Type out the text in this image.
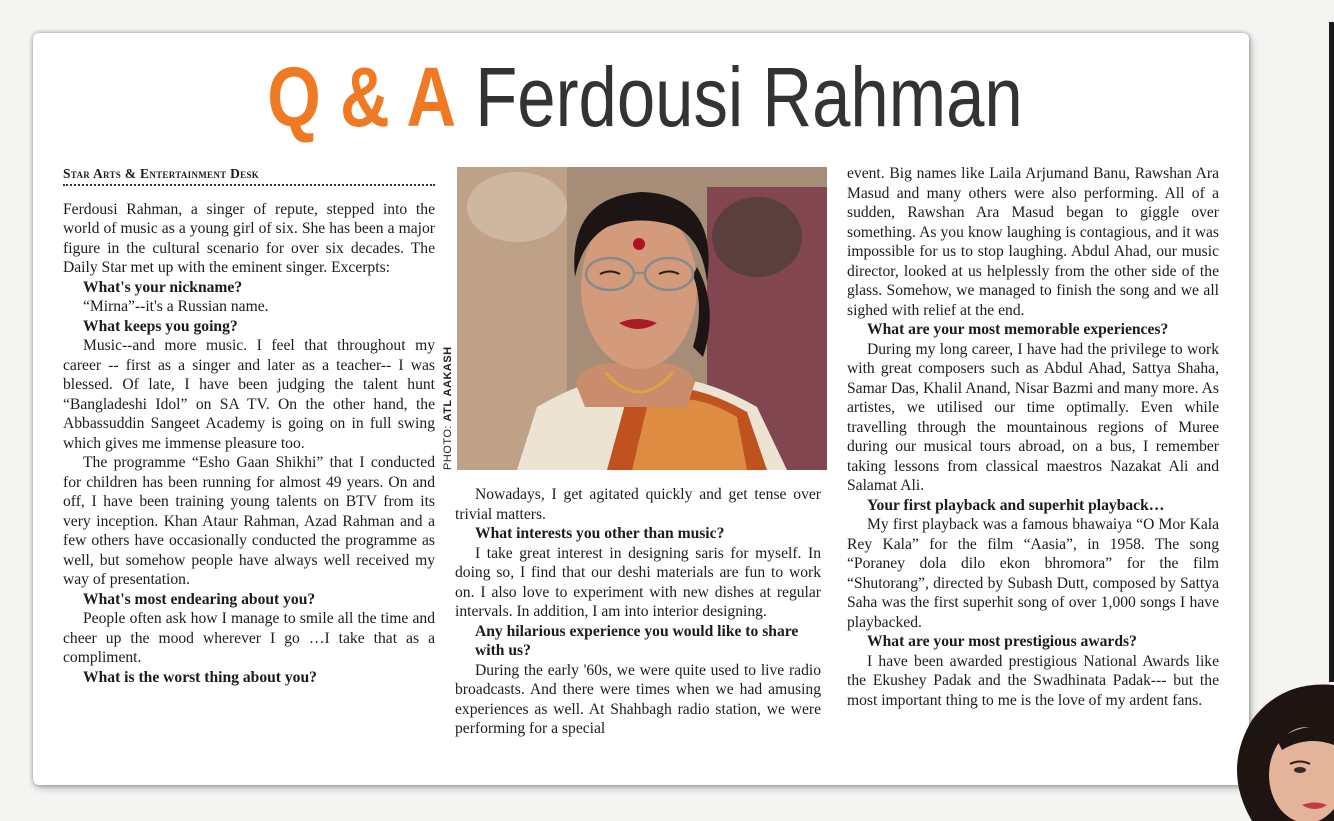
Q & A Ferdousi Rahman

Star Arts & Entertainment Desk

Ferdousi Rahman, a singer of repute, stepped into the world of music as a young girl of six. She has been a major figure in the cultural scenario for over six decades. The Daily Star met up with the eminent singer. Excerpts:

What's your nickname?

“Mirna”--it's a Russian name.

What keeps you going?

Music--and more music. I feel that throughout my career -- first as a singer and later as a teacher-- I was blessed. Of late, I have been judging the talent hunt “Bangladeshi Idol” on SA TV. On the other hand, the Abbassuddin Sangeet Academy is going on in full swing which gives me immense pleasure too.

The programme “Esho Gaan Shikhi” that I conducted for children has been running for almost 49 years. On and off, I have been training young talents on BTV from its very inception. Khan Ataur Rahman, Azad Rahman and a few others have occasionally conducted the programme as well, but somehow people have always well received my way of presentation.

What's most endearing about you?

People often ask how I manage to smile all the time and cheer up the mood wherever I go …I take that as a compliment.

What is the worst thing about you?

PHOTO: ATL AAKASH

Nowadays, I get agitated quickly and get tense over trivial matters.

What interests you other than music?

I take great interest in designing saris for myself. In doing so, I find that our deshi materials are fun to work on. I also love to experiment with new dishes at regular intervals. In addition, I am into interior designing.

Any hilarious experience you would like to share with us?

During the early '60s, we were quite used to live radio broadcasts. And there were times when we had amusing experiences as well. At Shahbagh radio station, we were performing for a special

event. Big names like Laila Arjumand Banu, Rawshan Ara Masud and many others were also performing. All of a sudden, Rawshan Ara Masud began to giggle over something. As you know laughing is contagious, and it was impossible for us to stop laughing. Abdul Ahad, our music director, looked at us helplessly from the other side of the glass. Somehow, we managed to finish the song and we all sighed with relief at the end.

What are your most memorable experiences?

During my long career, I have had the privilege to work with great composers such as Abdul Ahad, Sattya Shaha, Samar Das, Khalil Anand, Nisar Bazmi and many more. As artistes, we utilised our time optimally. Even while travelling through the mountainous regions of Muree during our musical tours abroad, on a bus, I remember taking lessons from classical maestros Nazakat Ali and Salamat Ali.

Your first playback and superhit playback…

My first playback was a famous bhawaiya “O Mor Kala Rey Kala” for the film “Aasia”, in 1958. The song “Poraney dola dilo ekon bhromora” for the film “Shutorang”, directed by Subash Dutt, composed by Sattya Saha was the first superhit song of over 1,000 songs I have playbacked.

What are your most prestigious awards?

I have been awarded prestigious National Awards like the Ekushey Padak and the Swadhinata Padak--- but the most important thing to me is the love of my ardent fans.
